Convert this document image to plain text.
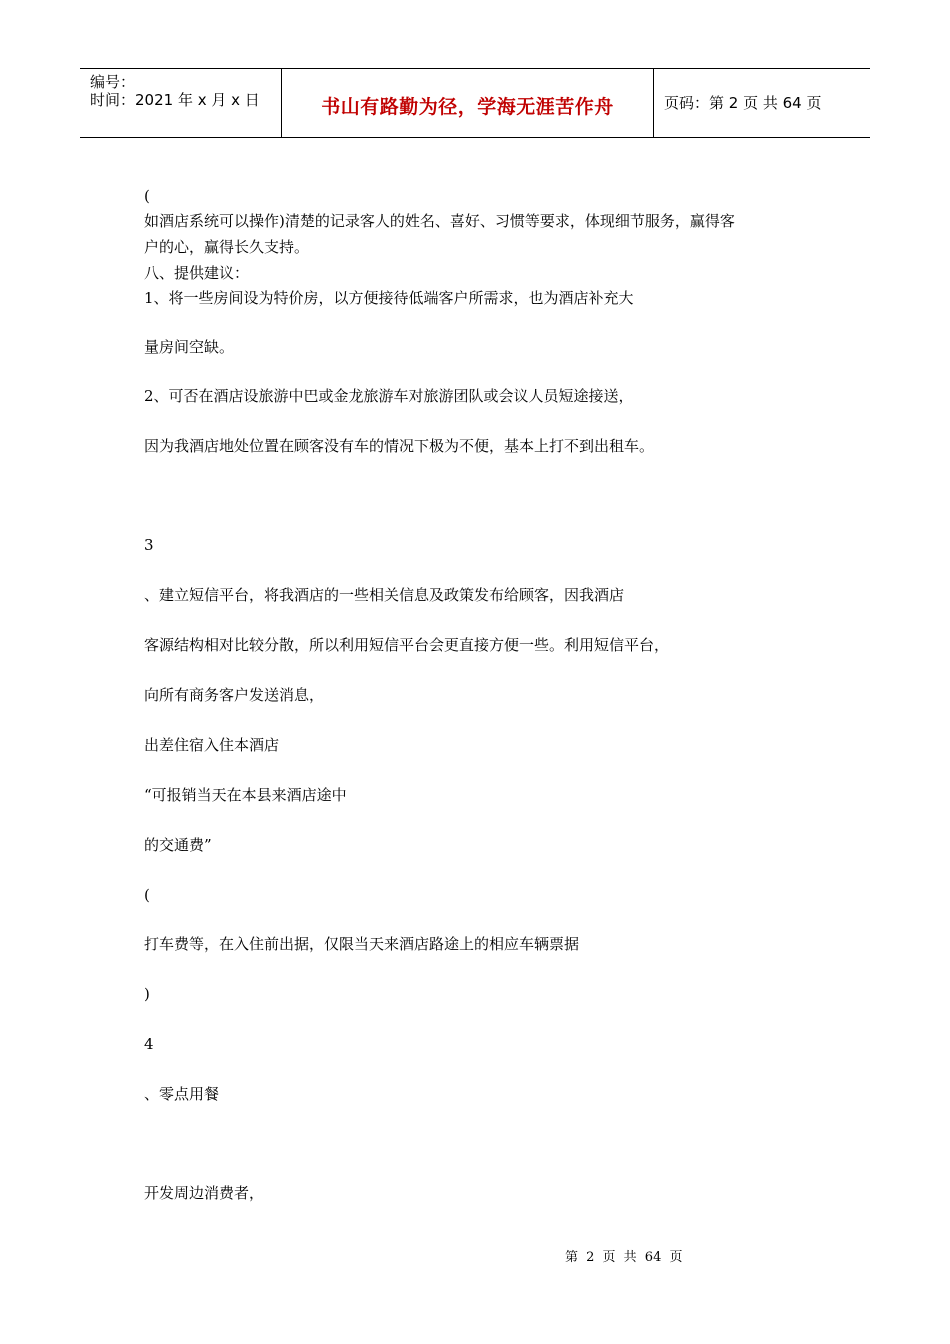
编号：
时间：2021 年 x 月 x 日	书山有路勤为径，学海无涯苦作舟	页码：第 2 页 共 64 页
(
如酒店系统可以操作)清楚的记录客人的姓名、喜好、习惯等要求，体现细节服务，赢得客
户的心，赢得长久支持。
八、提供建议：
1、将一些房间设为特价房，以方便接待低端客户所需求，也为酒店补充大
量房间空缺。
2、可否在酒店设旅游中巴或金龙旅游车对旅游团队或会议人员短途接送，
因为我酒店地处位置在顾客没有车的情况下极为不便，基本上打不到出租车。
3
、建立短信平台，将我酒店的一些相关信息及政策发布给顾客，因我酒店
客源结构相对比较分散，所以利用短信平台会更直接方便一些。利用短信平台，
向所有商务客户发送消息，
出差住宿入住本酒店
“可报销当天在本县来酒店途中
的交通费”
(
打车费等，在入住前出据，仅限当天来酒店路途上的相应车辆票据
)
4
、零点用餐
开发周边消费者，
第 2 页 共 64 页
